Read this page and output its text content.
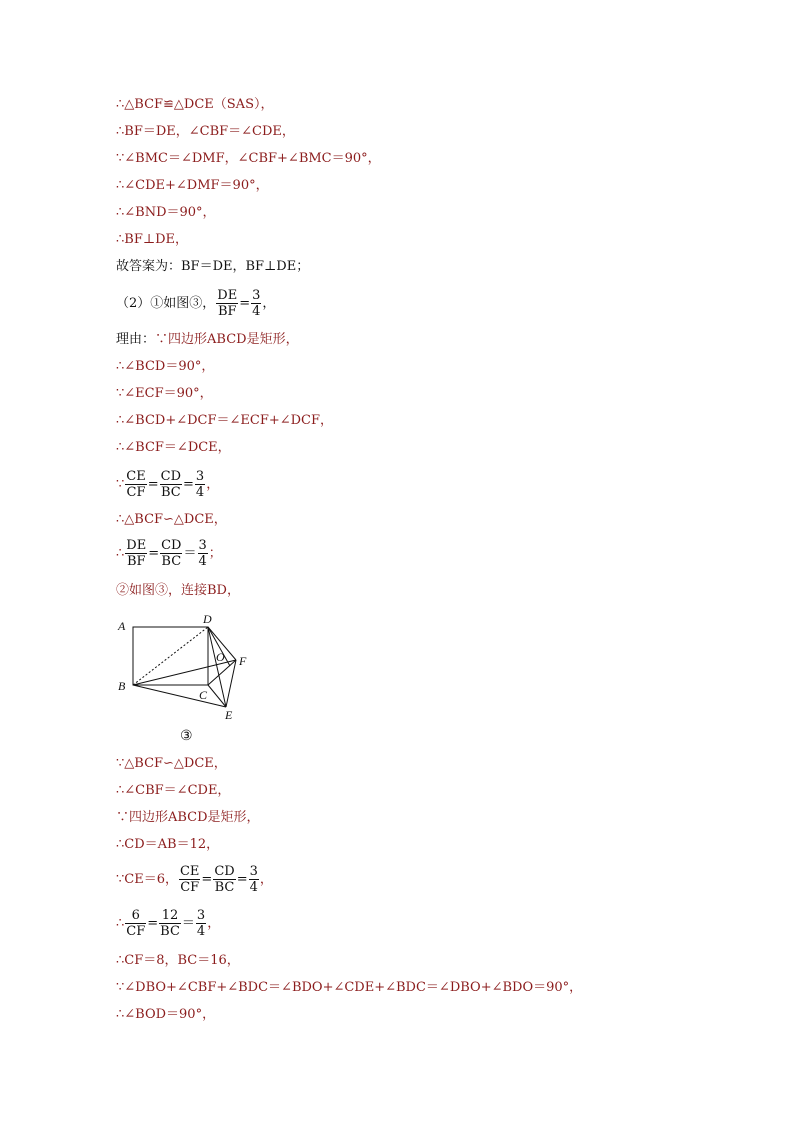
∴△BCF≌△DCE（SAS），
∴BF＝DE，∠CBF＝∠CDE，
∵∠BMC＝∠DMF，∠CBF+∠BMC＝90°，
∴∠CDE+∠DMF＝90°，
∴∠BND＝90°，
∴BF⊥DE，
故答案为：BF＝DE，BF⊥DE；
（2）①如图③， $\frac{DE}{BF} = \frac{3}{4}$ ，
理由：∵四边形ABCD是矩形，
∴∠BCD＝90°，
∵∠ECF＝90°，
∴∠BCD+∠DCF＝∠ECF+∠DCF，
∴∠BCF＝∠DCE，
∵ $\frac{CE}{CF} = \frac{CD}{BC} = \frac{3}{4}$ ，
∴△BCF∽△DCE，
∴ $\frac{DE}{BF} = \frac{CD}{BC} = \frac{3}{4}$ ；
②如图③，连接BD，
A
B
C
D
E
F
O
③
∵△BCF∽△DCE，
∴∠CBF＝∠CDE，
∵四边形ABCD是矩形，
∴CD＝AB＝12，
∵CE＝6， $\frac{CE}{CF} = \frac{CD}{BC} = \frac{3}{4}$ ，
∴ $\frac{6}{CF} = \frac{12}{BC} = \frac{3}{4}$ ，
∴CF＝8，BC＝16，
∵∠DBO+∠CBF+∠BDC＝∠BDO+∠CDE+∠BDC＝∠DBO+∠BDO＝90°，
∴∠BOD＝90°，
